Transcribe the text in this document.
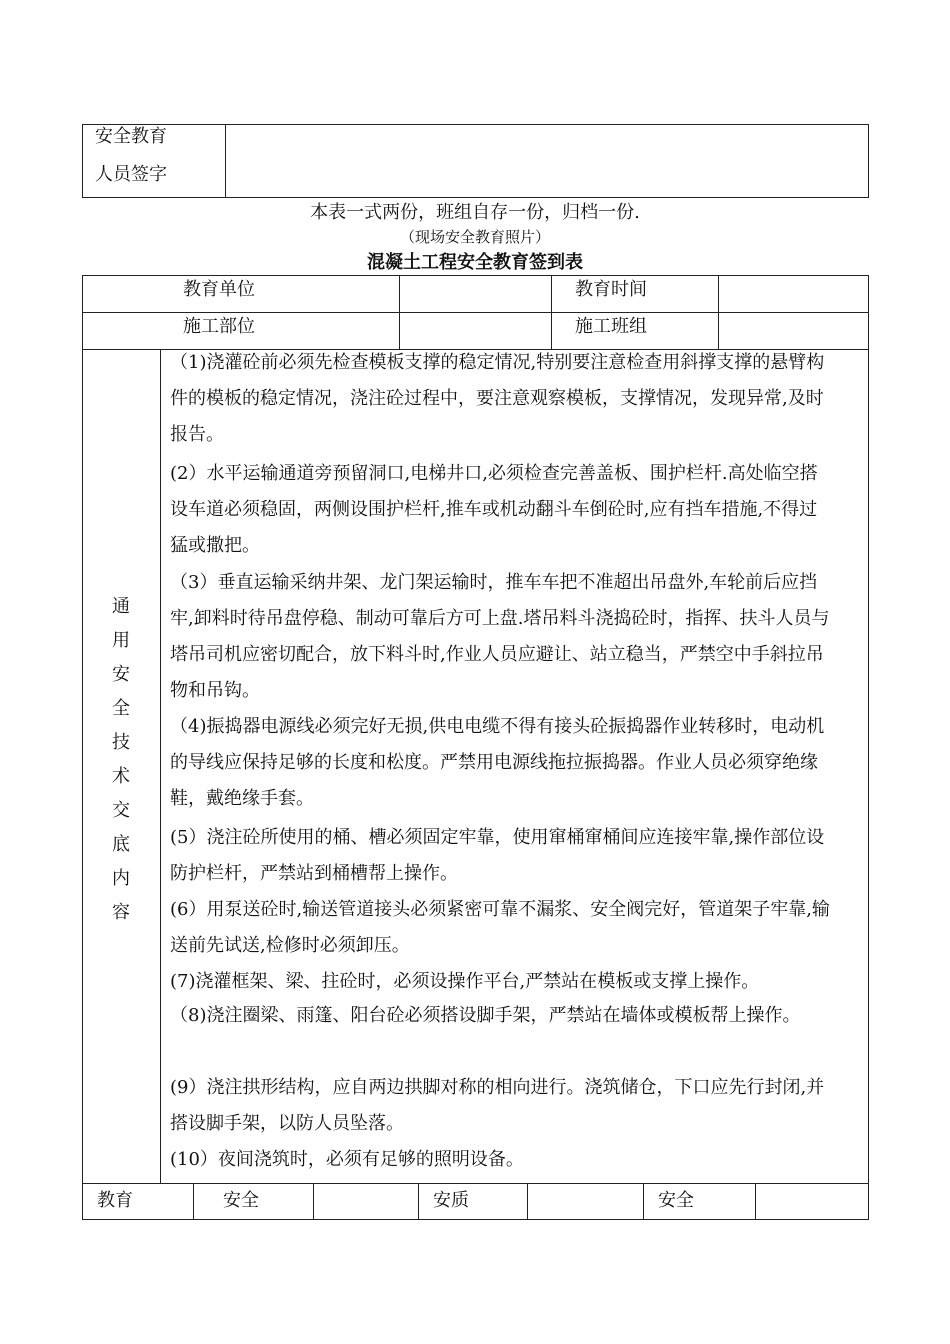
安全教育
人员签字
本表一式两份，班组自存一份，归档一份.
（现场安全教育照片）
混凝土工程安全教育签到表
教育单位	教育时间
施工部位	施工班组
通
用
安
全
技
术
交
底
内
容

（1)浇灌砼前必须先检查模板支撑的稳定情况,特别要注意检查用斜撑支撑的悬臂构件的模板的稳定情况，浇注砼过程中，要注意观察模板，支撑情况，发现异常,及时报告。

(2）水平运输通道旁预留洞口,电梯井口,必须检查完善盖板、围护栏杆.高处临空搭设车道必须稳固，两侧设围护栏杆,推车或机动翻斗车倒砼时,应有挡车措施,不得过猛或撒把。

（3）垂直运输采纳井架、龙门架运输时，推车车把不准超出吊盘外,车轮前后应挡牢,卸料时待吊盘停稳、制动可靠后方可上盘.塔吊料斗浇捣砼时，指挥、扶斗人员与塔吊司机应密切配合，放下料斗时,作业人员应避让、站立稳当，严禁空中手斜拉吊物和吊钩。

（4)振捣器电源线必须完好无损,供电电缆不得有接头砼振捣器作业转移时，电动机的导线应保持足够的长度和松度。严禁用电源线拖拉振捣器。作业人员必须穿绝缘鞋，戴绝缘手套。

(5）浇注砼所使用的桶、槽必须固定牢靠，使用窜桶窜桶间应连接牢靠,操作部位设防护栏杆，严禁站到桶槽帮上操作。

(6）用泵送砼时,输送管道接头必须紧密可靠不漏浆、安全阀完好，管道架子牢靠,输送前先试送,检修时必须卸压。

(7)浇灌框架、梁、拄砼时，必须设操作平台,严禁站在模板或支撑上操作。

（8)浇注圈梁、雨篷、阳台砼必须搭设脚手架，严禁站在墙体或模板帮上操作。

(9）浇注拱形结构，应自两边拱脚对称的相向进行。浇筑储仓，下口应先行封闭,并搭设脚手架，以防人员坠落。

(10）夜间浇筑时，必须有足够的照明设备。

教育	安全	安质	安全
